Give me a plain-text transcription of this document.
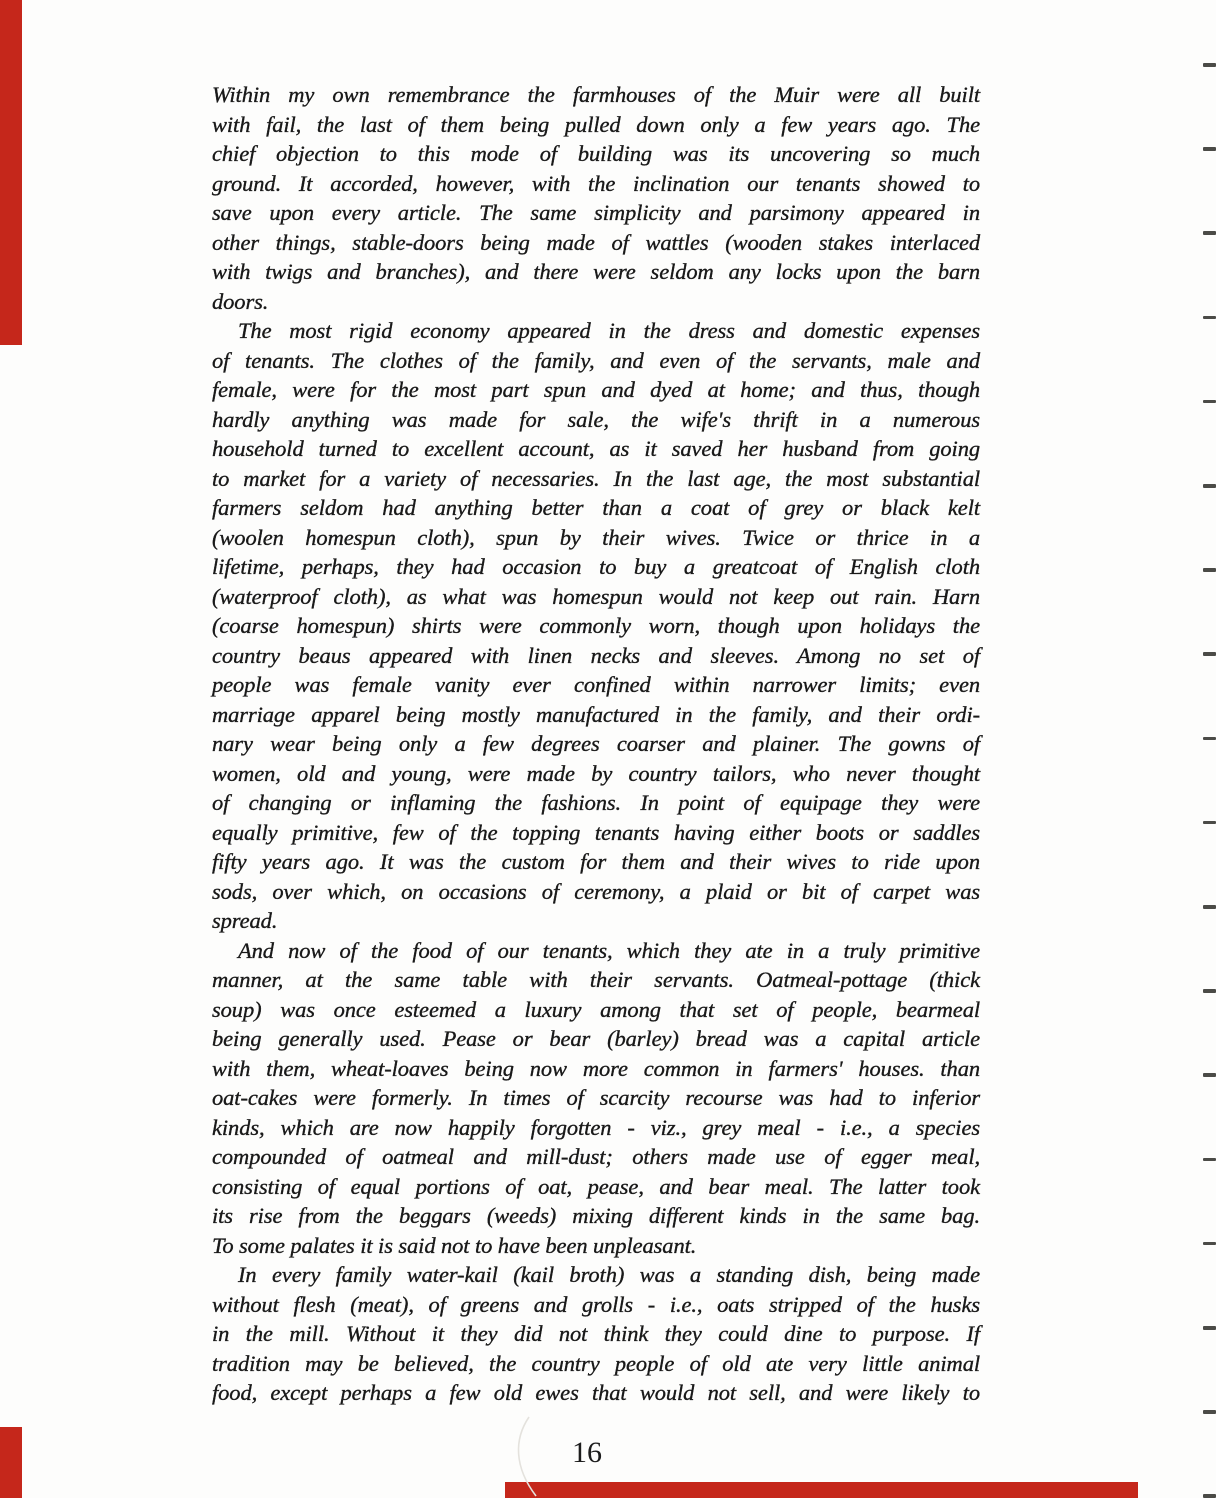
Within my own remembrance the farmhouses of the Muir were all built
with fail, the last of them being pulled down only a few years ago. The
chief objection to this mode of building was its uncovering so much
ground. It accorded, however, with the inclination our tenants showed to
save upon every article. The same simplicity and parsimony appeared in
other things, stable-doors being made of wattles (wooden stakes interlaced
with twigs and branches), and there were seldom any locks upon the barn
doors.
The most rigid economy appeared in the dress and domestic expenses
of tenants. The clothes of the family, and even of the servants, male and
female, were for the most part spun and dyed at home; and thus, though
hardly anything was made for sale, the wife's thrift in a numerous
household turned to excellent account, as it saved her husband from going
to market for a variety of necessaries. In the last age, the most substantial
farmers seldom had anything better than a coat of grey or black kelt
(woolen homespun cloth), spun by their wives. Twice or thrice in a
lifetime, perhaps, they had occasion to buy a greatcoat of English cloth
(waterproof cloth), as what was homespun would not keep out rain. Harn
(coarse homespun) shirts were commonly worn, though upon holidays the
country beaus appeared with linen necks and sleeves. Among no set of
people was female vanity ever confined within narrower limits; even
marriage apparel being mostly manufactured in the family, and their ordi-
nary wear being only a few degrees coarser and plainer. The gowns of
women, old and young, were made by country tailors, who never thought
of changing or inflaming the fashions. In point of equipage they were
equally primitive, few of the topping tenants having either boots or saddles
fifty years ago. It was the custom for them and their wives to ride upon
sods, over which, on occasions of ceremony, a plaid or bit of carpet was
spread.
And now of the food of our tenants, which they ate in a truly primitive
manner, at the same table with their servants. Oatmeal-pottage (thick
soup) was once esteemed a luxury among that set of people, bearmeal
being generally used. Pease or bear (barley) bread was a capital article
with them, wheat-loaves being now more common in farmers' houses. than
oat-cakes were formerly. In times of scarcity recourse was had to inferior
kinds, which are now happily forgotten - viz., grey meal - i.e., a species
compounded of oatmeal and mill-dust; others made use of egger meal,
consisting of equal portions of oat, pease, and bear meal. The latter took
its rise from the beggars (weeds) mixing different kinds in the same bag.
To some palates it is said not to have been unpleasant.
In every family water-kail (kail broth) was a standing dish, being made
without flesh (meat), of greens and grolls - i.e., oats stripped of the husks
in the mill. Without it they did not think they could dine to purpose. If
tradition may be believed, the country people of old ate very little animal
food, except perhaps a few old ewes that would not sell, and were likely to
16
